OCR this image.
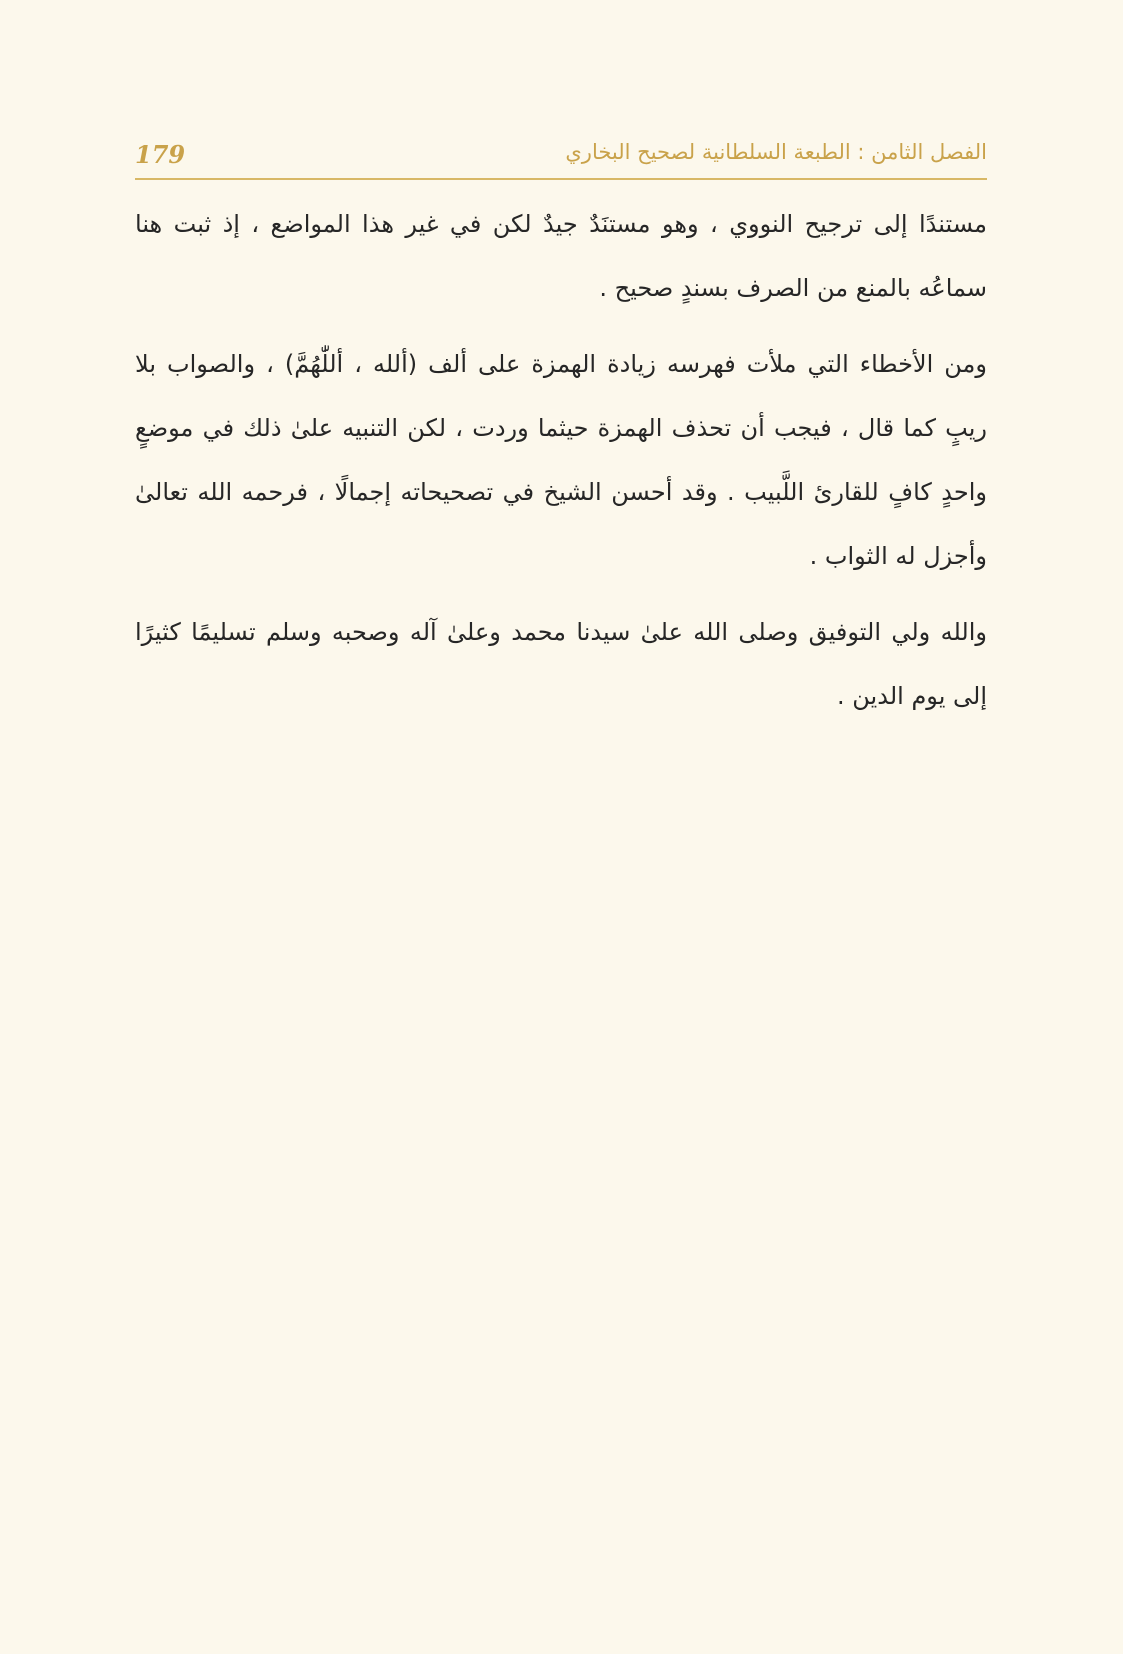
179	الفصل الثامن : الطبعة السلطانية لصحيح البخاري

مستندًا إلى ترجيح النووي ، وهو مستنَدٌ جيدٌ لكن في غير هذا المواضع ، إذ ثبت هنا سماعُه بالمنع من الصرف بسندٍ صحيح .

ومن الأخطاء التي ملأت فهرسه زيادة الهمزة على ألف (ألله ، أللّٰهُمَّ) ، والصواب بلا ريبٍ كما قال ، فيجب أن تحذف الهمزة حيثما وردت ، لكن التنبيه علىٰ ذلك في موضعٍ واحدٍ كافٍ للقارئ اللَّبيب . وقد أحسن الشيخ في تصحيحاته إجمالًا ، فرحمه الله تعالىٰ وأجزل له الثواب .

والله ولي التوفيق وصلى الله علىٰ سيدنا محمد وعلىٰ آله وصحبه وسلم تسليمًا كثيرًا إلى يوم الدين .
